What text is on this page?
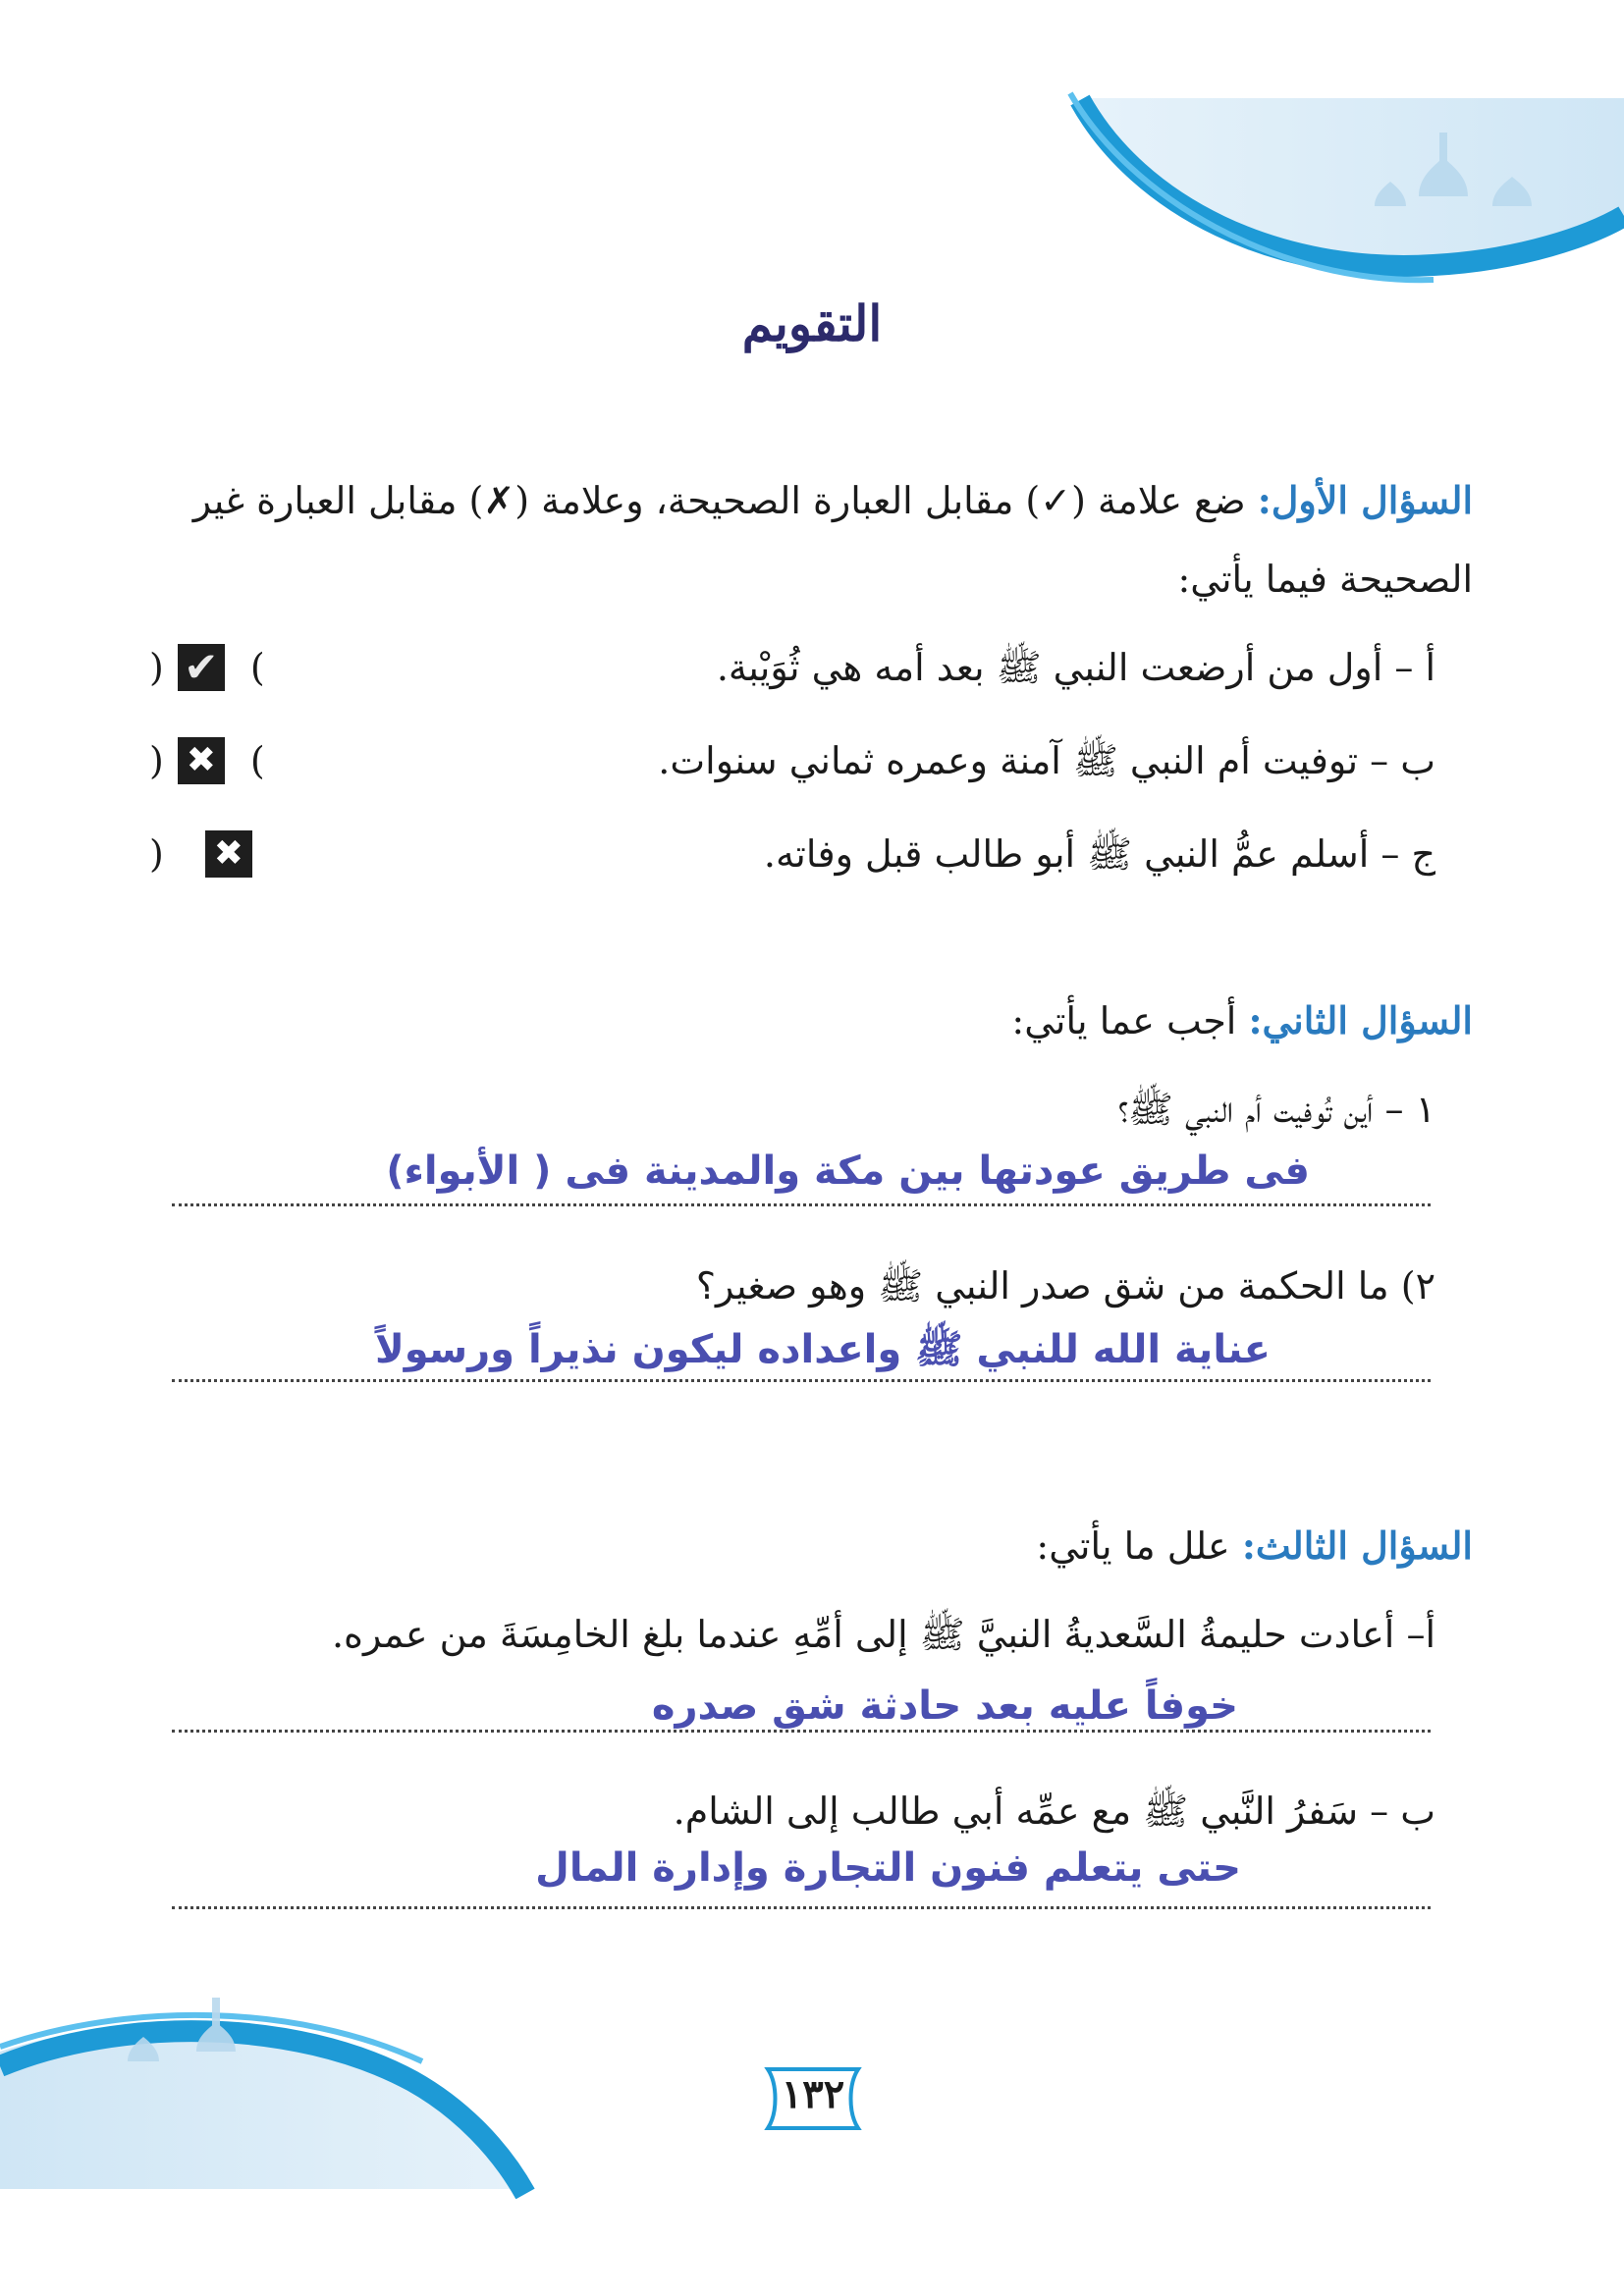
التقويم
السؤال الأول: ضع علامة (✓) مقابل العبارة الصحيحة، وعلامة (✗) مقابل العبارة غير
الصحيحة فيما يأتي:
أ – أول من أرضعت النبي ﷺ بعد أمه هي ثُوَيْبة.
) ✔ (
ب – توفيت أم النبي ﷺ آمنة وعمره ثماني سنوات.
) ✖ (
ج – أسلم عمُّ النبي ﷺ أبو طالب قبل وفاته.
) ✖
السؤال الثاني: أجب عما يأتي:
١ – أين تُوفيت أم النبي ﷺ؟
فى طريق عودتها بين مكة والمدينة فى ( الأبواء)
٢) ما الحكمة من شق صدر النبي ﷺ وهو صغير؟
عناية الله للنبي ﷺ واعداده ليكون نذيراً ورسولاً
السؤال الثالث: علل ما يأتي:
أ– أعادت حليمةُ السَّعديةُ النبيَّ ﷺ إلى أمِّهِ عندما بلغ الخامِسَةَ من عمره.
خوفاً عليه بعد حادثة شق صدره
ب – سَفرُ النَّبي ﷺ مع عمِّه أبي طالب إلى الشام.
حتى يتعلم فنون التجارة وإدارة المال
١٣٢
